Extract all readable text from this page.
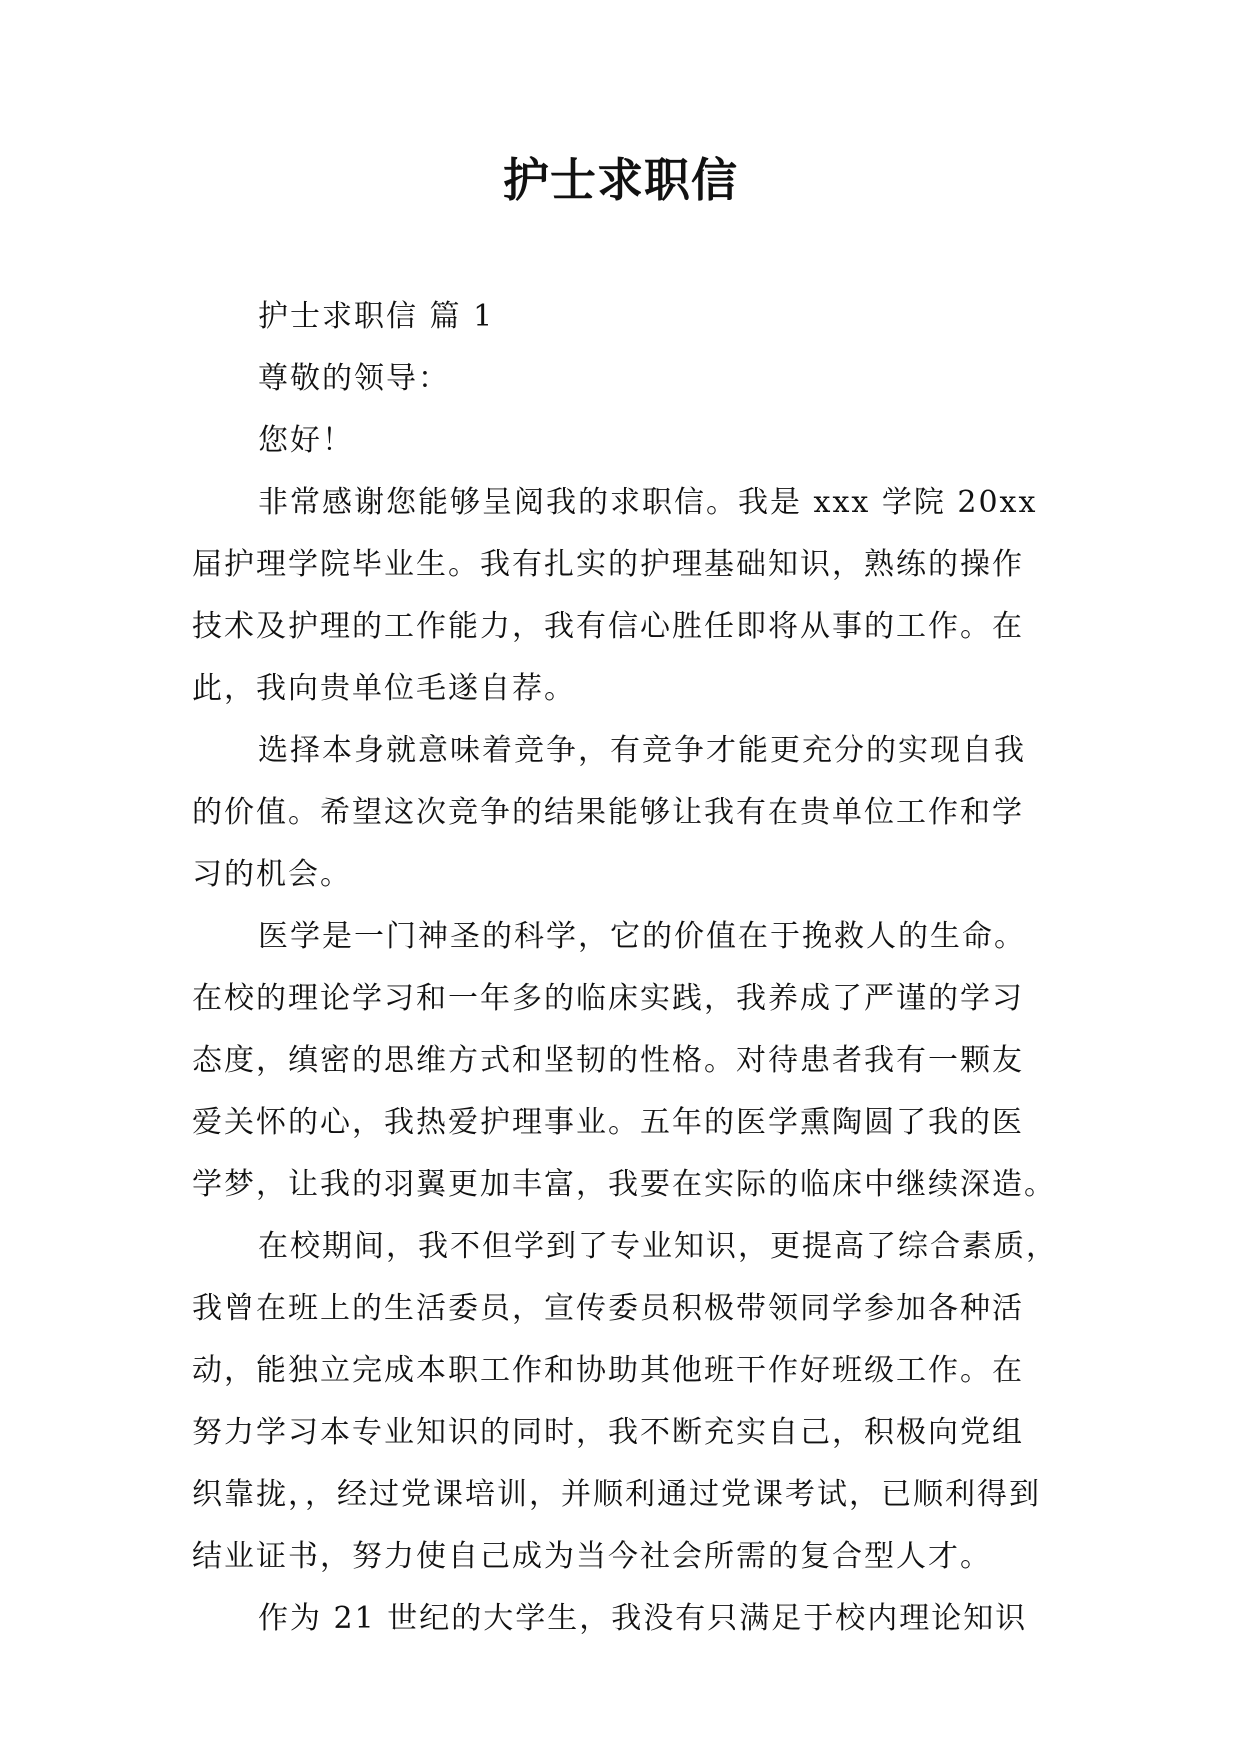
护士求职信
护士求职信 篇 1
尊敬的领导：
您好！
非常感谢您能够呈阅我的求职信。我是 xxx 学院 20xx
届护理学院毕业生。我有扎实的护理基础知识，熟练的操作
技术及护理的工作能力，我有信心胜任即将从事的工作。在
此，我向贵单位毛遂自荐。
选择本身就意味着竞争，有竞争才能更充分的实现自我
的价值。希望这次竞争的结果能够让我有在贵单位工作和学
习的机会。
医学是一门神圣的科学，它的价值在于挽救人的生命。
在校的理论学习和一年多的临床实践，我养成了严谨的学习
态度，缜密的思维方式和坚韧的性格。对待患者我有一颗友
爱关怀的心，我热爱护理事业。五年的医学熏陶圆了我的医
学梦，让我的羽翼更加丰富，我要在实际的临床中继续深造。
在校期间，我不但学到了专业知识，更提高了综合素质，
我曾在班上的生活委员，宣传委员积极带领同学参加各种活
动，能独立完成本职工作和协助其他班干作好班级工作。在
努力学习本专业知识的同时，我不断充实自己，积极向党组
织靠拢，，经过党课培训，并顺利通过党课考试，已顺利得到
结业证书，努力使自己成为当今社会所需的复合型人才。
作为 21 世纪的大学生，我没有只满足于校内理论知识
